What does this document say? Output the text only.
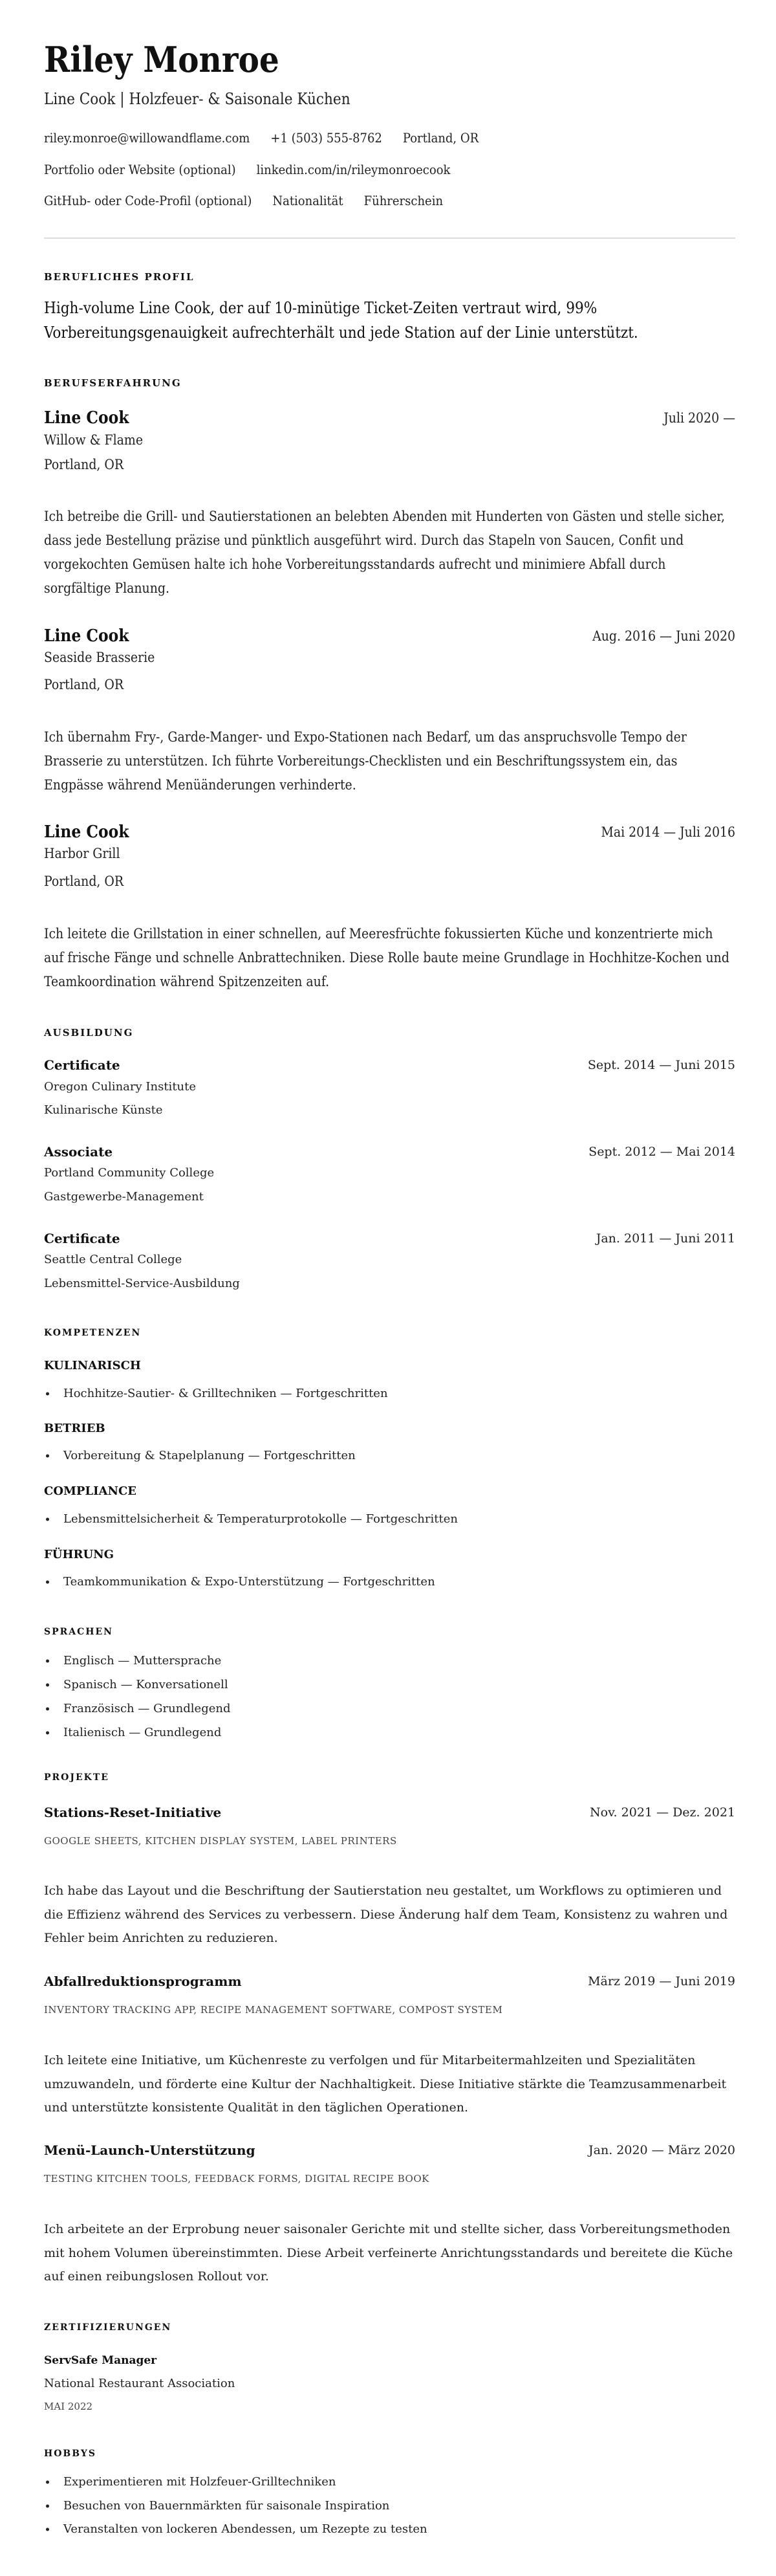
Riley Monroe
Line Cook | Holzfeuer- & Saisonale Küchen
riley.monroe@willowandflame.com +1 (503) 555-8762 Portland, OR
Portfolio oder Website (optional) linkedin.com/in/rileymonroecook
GitHub- oder Code-Profil (optional) Nationalität Führerschein
BERUFLICHES PROFIL
High-volume Line Cook, der auf 10-minütige Ticket-Zeiten vertraut wird, 99% Vorbereitungsgenauigkeit aufrechterhält und jede Station auf der Linie unterstützt.
BERUFSERFAHRUNG
Line Cook	Juli 2020 —
Willow & Flame
Portland, OR
Ich betreibe die Grill- und Sautierstationen an belebten Abenden mit Hunderten von Gästen und stelle sicher, dass jede Bestellung präzise und pünktlich ausgeführt wird. Durch das Stapeln von Saucen, Confit und vorgekochten Gemüsen halte ich hohe Vorbereitungsstandards aufrecht und minimiere Abfall durch sorgfältige Planung.
Line Cook	Aug. 2016 — Juni 2020
Seaside Brasserie
Portland, OR
Ich übernahm Fry-, Garde-Manger- und Expo-Stationen nach Bedarf, um das anspruchsvolle Tempo der Brasserie zu unterstützen. Ich führte Vorbereitungs-Checklisten und ein Beschriftungssystem ein, das Engpässe während Menüänderungen verhinderte.
Line Cook	Mai 2014 — Juli 2016
Harbor Grill
Portland, OR
Ich leitete die Grillstation in einer schnellen, auf Meeresfrüchte fokussierten Küche und konzentrierte mich auf frische Fänge und schnelle Anbrattechniken. Diese Rolle baute meine Grundlage in Hochhitze-Kochen und Teamkoordination während Spitzenzeiten auf.
AUSBILDUNG
Certificate	Sept. 2014 — Juni 2015
Oregon Culinary Institute
Kulinarische Künste
Associate	Sept. 2012 — Mai 2014
Portland Community College
Gastgewerbe-Management
Certificate	Jan. 2011 — Juni 2011
Seattle Central College
Lebensmittel-Service-Ausbildung
KOMPETENZEN
KULINARISCH
Hochhitze-Sautier- & Grilltechniken — Fortgeschritten
BETRIEB
Vorbereitung & Stapelplanung — Fortgeschritten
COMPLIANCE
Lebensmittelsicherheit & Temperaturprotokolle — Fortgeschritten
FÜHRUNG
Teamkommunikation & Expo-Unterstützung — Fortgeschritten
SPRACHEN
Englisch — Muttersprache
Spanisch — Konversationell
Französisch — Grundlegend
Italienisch — Grundlegend
PROJEKTE
Stations-Reset-Initiative	Nov. 2021 — Dez. 2021
GOOGLE SHEETS, KITCHEN DISPLAY SYSTEM, LABEL PRINTERS
Ich habe das Layout und die Beschriftung der Sautierstation neu gestaltet, um Workflows zu optimieren und die Effizienz während des Services zu verbessern. Diese Änderung half dem Team, Konsistenz zu wahren und Fehler beim Anrichten zu reduzieren.
Abfallreduktionsprogramm	März 2019 — Juni 2019
INVENTORY TRACKING APP, RECIPE MANAGEMENT SOFTWARE, COMPOST SYSTEM
Ich leitete eine Initiative, um Küchenreste zu verfolgen und für Mitarbeitermahlzeiten und Spezialitäten umzuwandeln, und förderte eine Kultur der Nachhaltigkeit. Diese Initiative stärkte die Teamzusammenarbeit und unterstützte konsistente Qualität in den täglichen Operationen.
Menü-Launch-Unterstützung	Jan. 2020 — März 2020
TESTING KITCHEN TOOLS, FEEDBACK FORMS, DIGITAL RECIPE BOOK
Ich arbeitete an der Erprobung neuer saisonaler Gerichte mit und stellte sicher, dass Vorbereitungsmethoden mit hohem Volumen übereinstimmten. Diese Arbeit verfeinerte Anrichtungsstandards und bereitete die Küche auf einen reibungslosen Rollout vor.
ZERTIFIZIERUNGEN
ServSafe Manager
National Restaurant Association
MAI 2022
HOBBYS
Experimentieren mit Holzfeuer-Grilltechniken
Besuchen von Bauernmärkten für saisonale Inspiration
Veranstalten von lockeren Abendessen, um Rezepte zu testen
